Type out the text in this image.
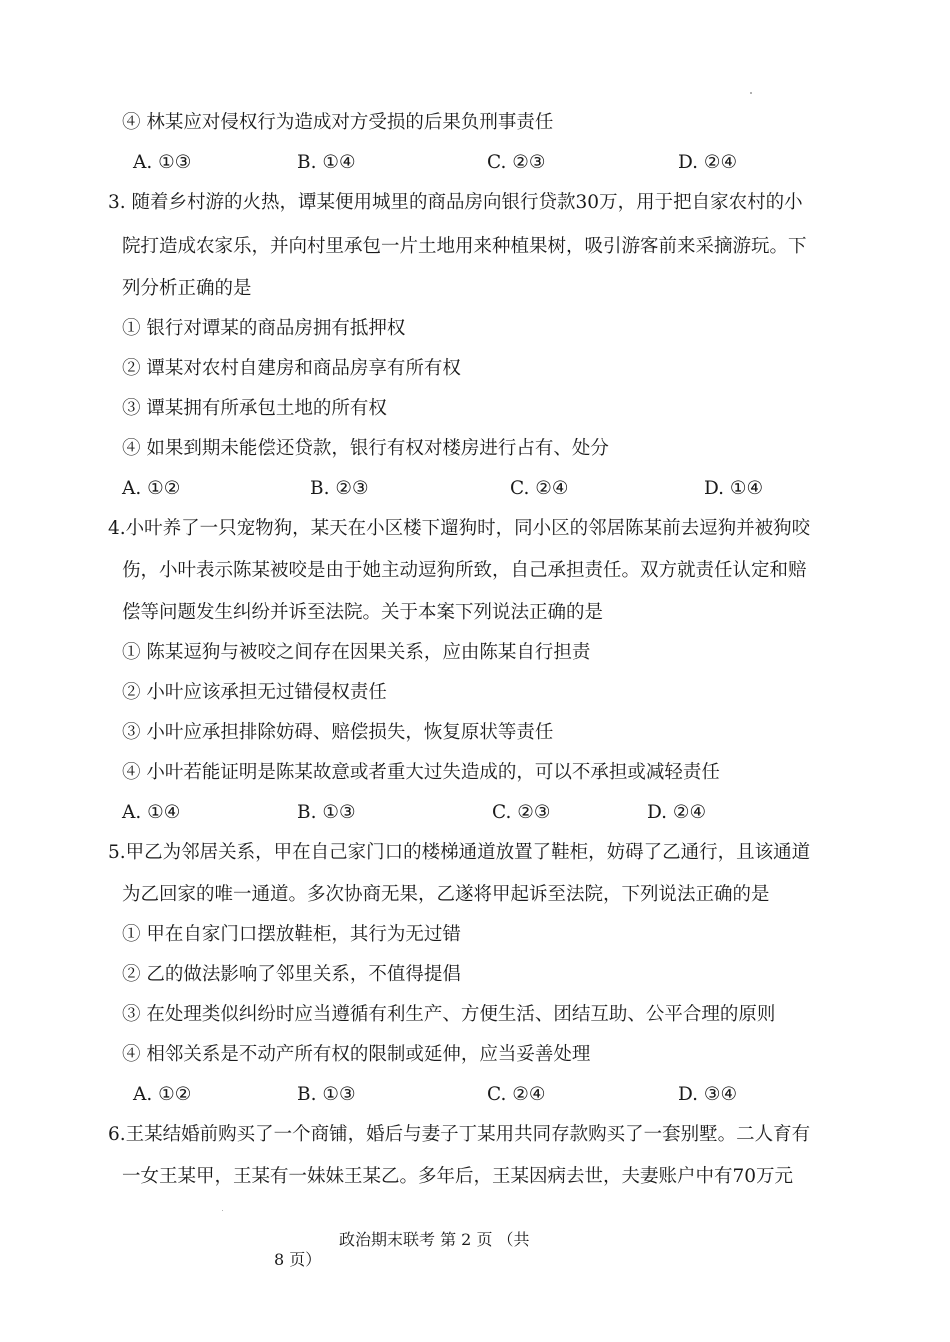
④ 林某应对侵权行为造成对方受损的后果负刑事责任
A. ①③	B. ①④	C. ②③	D. ②④
3. 随着乡村游的火热，谭某便用城里的商品房向银行贷款30万，用于把自家农村的小
院打造成农家乐，并向村里承包一片土地用来种植果树，吸引游客前来采摘游玩。下
列分析正确的是
① 银行对谭某的商品房拥有抵押权
② 谭某对农村自建房和商品房享有所有权
③ 谭某拥有所承包土地的所有权
④ 如果到期未能偿还贷款，银行有权对楼房进行占有、处分
A. ①②	B. ②③	C. ②④	D. ①④
4.小叶养了一只宠物狗，某天在小区楼下遛狗时，同小区的邻居陈某前去逗狗并被狗咬
伤，小叶表示陈某被咬是由于她主动逗狗所致，自己承担责任。双方就责任认定和赔
偿等问题发生纠纷并诉至法院。关于本案下列说法正确的是
① 陈某逗狗与被咬之间存在因果关系，应由陈某自行担责
② 小叶应该承担无过错侵权责任
③ 小叶应承担排除妨碍、赔偿损失，恢复原状等责任
④ 小叶若能证明是陈某故意或者重大过失造成的，可以不承担或减轻责任
A. ①④	B. ①③	C. ②③	D. ②④
5.甲乙为邻居关系，甲在自己家门口的楼梯通道放置了鞋柜，妨碍了乙通行，且该通道
为乙回家的唯一通道。多次协商无果，乙遂将甲起诉至法院，下列说法正确的是
① 甲在自家门口摆放鞋柜，其行为无过错
② 乙的做法影响了邻里关系，不值得提倡
③ 在处理类似纠纷时应当遵循有利生产、方便生活、团结互助、公平合理的原则
④ 相邻关系是不动产所有权的限制或延伸，应当妥善处理
A. ①②	B. ①③	C. ②④	D. ③④
6.王某结婚前购买了一个商铺，婚后与妻子丁某用共同存款购买了一套别墅。二人育有
一女王某甲，王某有一妹妹王某乙。多年后，王某因病去世，夫妻账户中有70万元
政治期末联考 第 2 页 （共
8 页）
